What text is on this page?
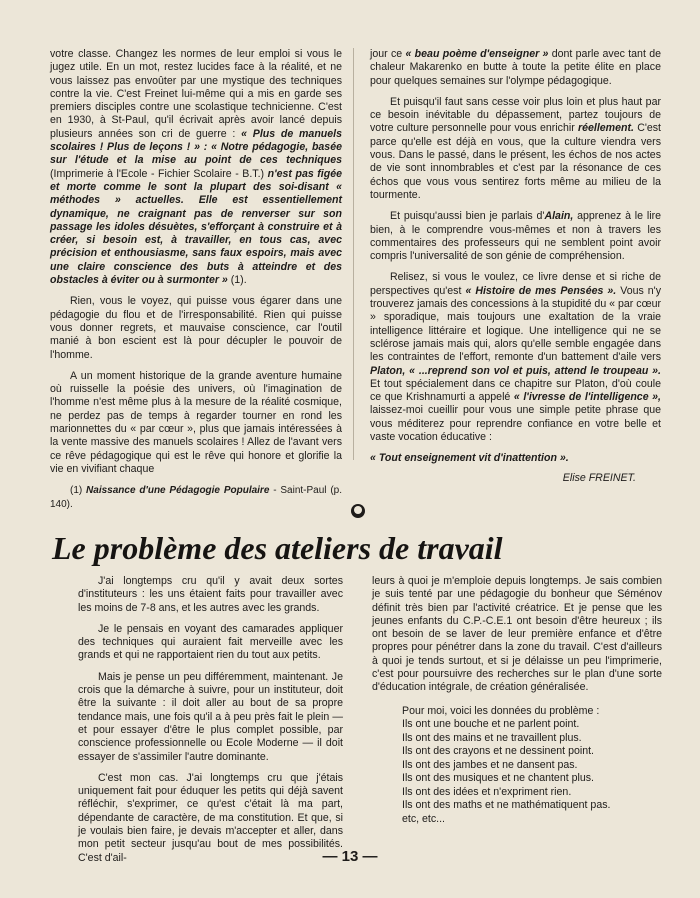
votre classe. Changez les normes de leur emploi si vous le jugez utile. En un mot, restez lucides face à la réalité, et ne vous laissez pas envoûter par une mystique des techniques contre la vie. C'est Freinet lui-même qui a mis en garde ses premiers disciples contre une scolastique technicienne. C'est en 1930, à St-Paul, qu'il écrivait après avoir lancé depuis plusieurs années son cri de guerre : « Plus de manuels scolaires ! Plus de leçons ! » : « Notre pédagogie, basée sur l'étude et la mise au point de ces techniques (Imprimerie à l'Ecole - Fichier Scolaire - B.T.) n'est pas figée et morte comme le sont la plupart des soi-disant « méthodes » actuelles. Elle est essentiellement dynamique, ne craignant pas de renverser sur son passage les idoles désuètes, s'efforçant à construire et à créer, si besoin est, à travailler, en tous cas, avec précision et enthousiasme, sans faux espoirs, mais avec une claire conscience des buts à atteindre et des obstacles à éviter ou à surmonter » (1).

Rien, vous le voyez, qui puisse vous égarer dans une pédagogie du flou et de l'irresponsabilité. Rien qui puisse vous donner regrets, et mauvaise conscience, car l'outil manié à bon escient est là pour décupler le pouvoir de l'homme.

A un moment historique de la grande aventure humaine où ruisselle la poésie des univers, où l'imagination de l'homme n'est même plus à la mesure de la réalité cosmique, ne perdez pas de temps à regarder tourner en rond les marionnettes du « par cœur », plus que jamais intéressées à la vente massive des manuels scolaires ! Allez de l'avant vers ce rêve pédagogique qui est le rêve qui honore et glorifie la vie en vivifiant chaque

(1) Naissance d'une Pédagogie Populaire - Saint-Paul (p. 140).

jour ce « beau poème d'enseigner » dont parle avec tant de chaleur Makarenko en butte à toute la petite élite en place pour quelques semaines sur l'olympe pédagogique.

Et puisqu'il faut sans cesse voir plus loin et plus haut par ce besoin inévitable du dépassement, partez toujours de votre culture personnelle pour vous enrichir réellement. C'est parce qu'elle est déjà en vous, que la culture viendra vers vous. Dans le passé, dans le présent, les échos de nos actes de vie sont innombrables et c'est par la résonance de ces échos que vous vous sentirez forts même au milieu de la tourmente.

Et puisqu'aussi bien je parlais d'Alain, apprenez à le lire bien, à le comprendre vous-mêmes et non à travers les commentaires des professeurs qui ne semblent point avoir compris l'universalité de son génie de compréhension.

Relisez, si vous le voulez, ce livre dense et si riche de perspectives qu'est « Histoire de mes Pensées ». Vous n'y trouverez jamais des concessions à la stupidité du « par cœur » sporadique, mais toujours une exaltation de la vraie intelligence littéraire et logique. Une intelligence qui ne se sclérose jamais mais qui, alors qu'elle semble engagée dans les contraintes de l'effort, remonte d'un battement d'aile vers Platon, « ...reprend son vol et puis, attend le troupeau ». Et tout spécialement dans ce chapitre sur Platon, d'où coule ce que Krishnamurti a appelé « l'ivresse de l'intelligence », laissez-moi cueillir pour vous une simple petite phrase que vous méditerez pour reprendre confiance en votre belle et vaste vocation éducative :

« Tout enseignement vit d'inattention ».

Elise FREINET.
Le problème des ateliers de travail

J'ai longtemps cru qu'il y avait deux sortes d'instituteurs : les uns étaient faits pour travailler avec les moins de 7-8 ans, et les autres avec les grands.

Je le pensais en voyant des camarades appliquer des techniques qui auraient fait merveille avec les grands et qui ne rapportaient rien du tout aux petits.

Mais je pense un peu différemment, maintenant. Je crois que la démarche à suivre, pour un instituteur, doit être la suivante : il doit aller au bout de sa propre tendance mais, une fois qu'il a à peu près fait le plein — et pour essayer d'être le plus complet possible, par conscience professionnelle ou Ecole Moderne — il doit essayer de s'assimiler l'autre dominante.

C'est mon cas. J'ai longtemps cru que j'étais uniquement fait pour éduquer les petits qui déjà savent réfléchir, s'exprimer, ce qu'est c'était là ma part, dépendante de caractère, de ma constitution. Et que, si je voulais bien faire, je devais m'accepter et aller, dans mon petit secteur jusqu'au bout de mes possibilités. C'est d'ail-

leurs à quoi je m'emploie depuis longtemps. Je sais combien je suis tenté par une pédagogie du bonheur que Séménov définit très bien par l'activité créatrice. Et je pense que les jeunes enfants du C.P.-C.E.1 ont besoin d'être heureux ; ils ont besoin de se laver de leur première enfance et d'être propres pour pénétrer dans la zone du travail. C'est d'ailleurs à quoi je tends surtout, et si je délaisse un peu l'imprimerie, c'est pour poursuivre des recherches sur le plan d'une sorte d'éducation intégrale, de création généralisée.

Pour moi, voici les données du problème :
Ils ont une bouche et ne parlent point.
Ils ont des mains et ne travaillent plus.
Ils ont des crayons et ne dessinent point.
Ils ont des jambes et ne dansent pas.
Ils ont des musiques et ne chantent plus.
Ils ont des idées et n'expriment rien.
Ils ont des maths et ne mathématiquent pas.
etc, etc...
— 13 —
